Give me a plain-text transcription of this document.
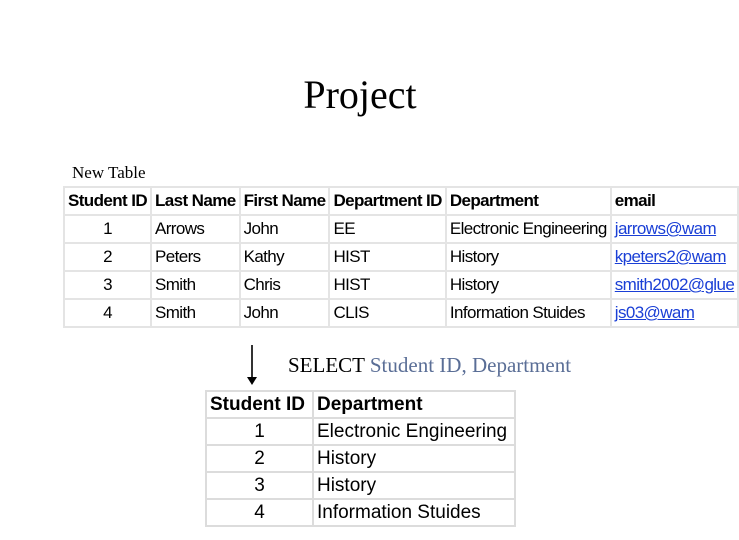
Project
New Table
Student ID	Last Name	First Name	Department ID	Department	email
1	Arrows	John	EE	Electronic Engineering	jarrows@wam
2	Peters	Kathy	HIST	History	kpeters2@wam
3	Smith	Chris	HIST	History	smith2002@glue
4	Smith	John	CLIS	Information Stuides	js03@wam
SELECT Student ID, Department
Student ID	Department
1	Electronic Engineering
2	History
3	History
4	Information Stuides
